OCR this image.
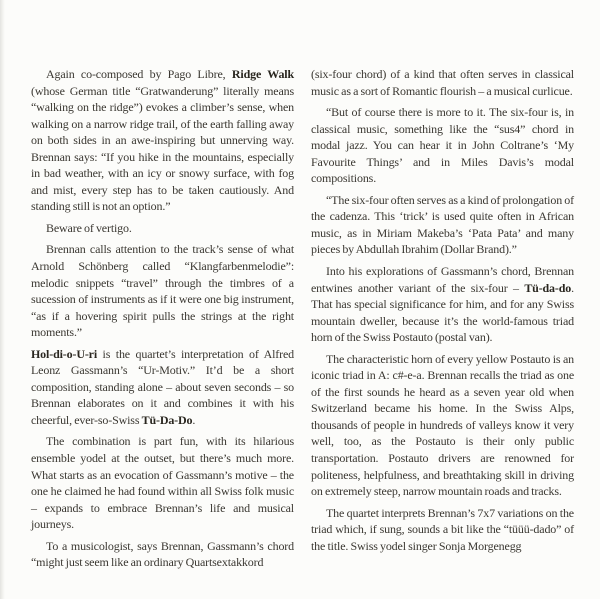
Again co-composed by Pago Libre, Ridge Walk (whose German title “Gratwanderung” literally means “walking on the ridge”) evokes a climber’s sense, when walking on a narrow ridge trail, of the earth falling away on both sides in an awe-inspiring but unnerving way. Brennan says: “If you hike in the mountains, especially in bad weather, with an icy or snowy surface, with fog and mist, every step has to be taken cautiously. And standing still is not an option.”

Beware of vertigo.

Brennan calls attention to the track’s sense of what Arnold Schönberg called “Klangfarbenmelodie”: melodic snippets “travel” through the timbres of a sucession of instruments as if it were one big instrument, “as if a hovering spirit pulls the strings at the right moments.”

Hol-di-o-U-ri is the quartet’s interpretation of Alfred Leonz Gassmann’s “Ur-Motiv.” It’d be a short composition, standing alone – about seven seconds – so Brennan elaborates on it and combines it with his cheerful, ever-so-Swiss Tü-Da-Do.

The combination is part fun, with its hilarious ensemble yodel at the outset, but there’s much more. What starts as an evocation of Gassmann’s motive – the one he claimed he had found within all Swiss folk music – expands to embrace Brennan’s life and musical journeys.

To a musicologist, says Brennan, Gassmann’s chord “might just seem like an ordinary Quartsextakkord

(six-four chord) of a kind that often serves in classical music as a sort of Romantic flourish – a musical curlicue.

“But of course there is more to it. The six-four is, in classical music, something like the “sus4” chord in modal jazz. You can hear it in John Coltrane’s ‘My Favourite Things’ and in Miles Davis’s modal compositions.

“The six-four often serves as a kind of prolongation of the cadenza. This ‘trick’ is used quite often in African music, as in Miriam Makeba’s ‘Pata Pata’ and many pieces by Abdullah Ibrahim (Dollar Brand).”

Into his explorations of Gassmann’s chord, Brennan entwines another variant of the six-four – Tü-da-do. That has special significance for him, and for any Swiss mountain dweller, because it’s the world-famous triad horn of the Swiss Postauto (postal van).

The characteristic horn of every yellow Postauto is an iconic triad in A: c#-e-a. Brennan recalls the triad as one of the first sounds he heard as a seven year old when Switzerland became his home. In the Swiss Alps, thousands of people in hundreds of valleys know it very well, too, as the Postauto is their only public transportation. Postauto drivers are renowned for politeness, helpfulness, and breathtaking skill in driving on extremely steep, narrow mountain roads and tracks.

The quartet interprets Brennan’s 7x7 variations on the triad which, if sung, sounds a bit like the “tüüü-dado” of the title. Swiss yodel singer Sonja Morgenegg
